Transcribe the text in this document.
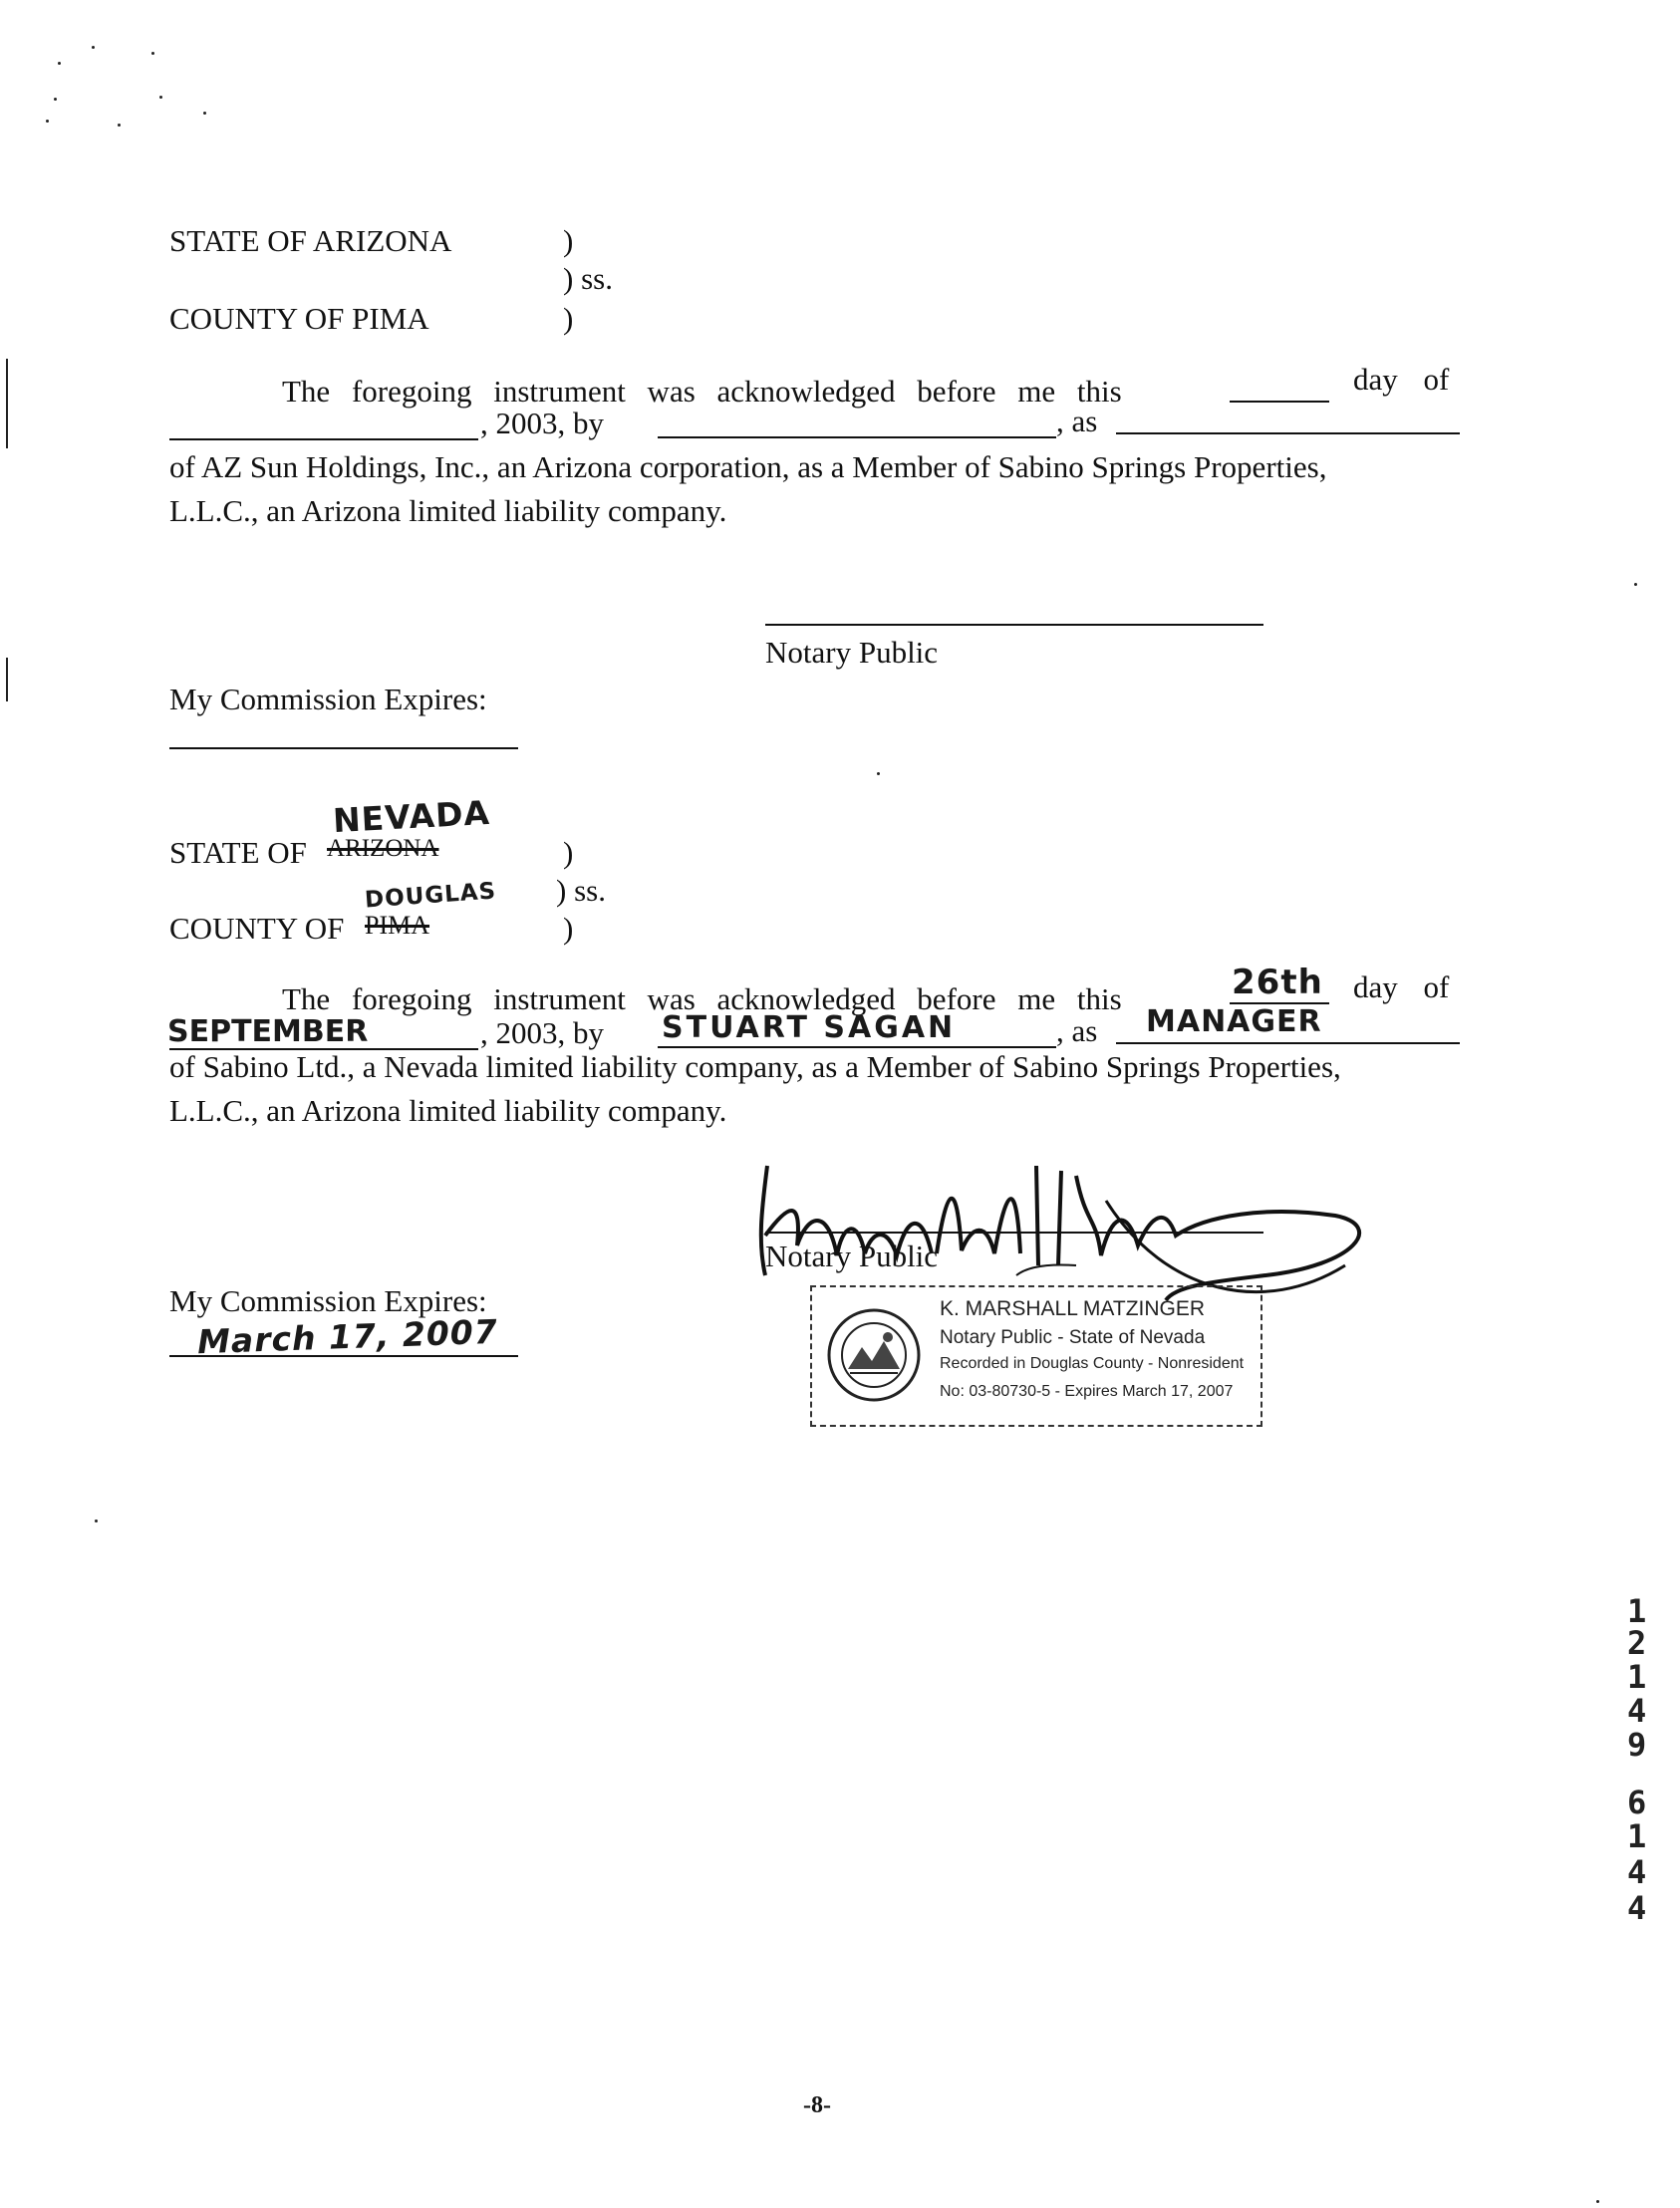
STATE OF ARIZONA	)
) ss.
COUNTY OF PIMA	)
The foregoing instrument was acknowledged before me this	day of
, 2003, by	, as
of AZ Sun Holdings, Inc., an Arizona corporation, as a Member of Sabino Springs Properties,
L.L.C., an Arizona limited liability company.
Notary Public
My Commission Expires:
STATE OF ARIZONA
NEVADA
)
) ss.
DOUGLAS
COUNTY OF PIMA	)
The foregoing instrument was acknowledged before me this	26th day of
SEPTEMBER	, 2003, by STUART SAGAN	, as MANAGER
of Sabino Ltd., a Nevada limited liability company, as a Member of Sabino Springs Properties,
L.L.C., an Arizona limited liability company.
Notary Public
My Commission Expires:
March 17, 2007
K. MARSHALL MATZINGER
Notary Public - State of Nevada
Recorded in Douglas County - Nonresident
No: 03-80730-5 - Expires March 17, 2007
1
2
1
4
9
6
1
4
4
-8-
